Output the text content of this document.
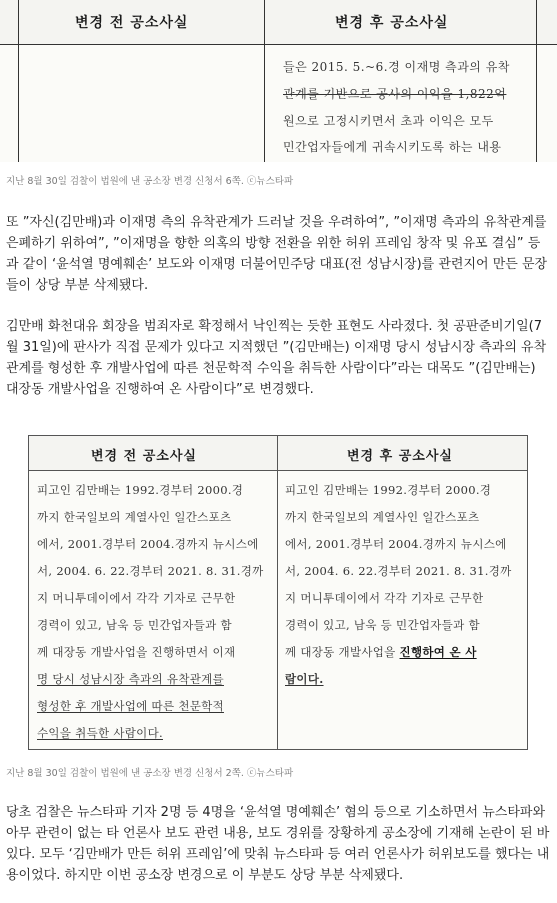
변경 전 공소사실	변경 후 공소사실
들은 2015. 5.~6.경 이재명 측과의 유착
관계를 기반으로 공사의 이익을 1,822억
원으로 고정시키면서 초과 이익은 모두
민간업자들에게 귀속시키도록 하는 내용
지난 8월 30일 검찰이 법원에 낸 공소장 변경 신청서 6쪽. ⓒ뉴스타파

또 ”자신(김만배)과 이재명 측의 유착관계가 드러날 것을 우려하여”, ”이재명 측과의 유착관계를 은폐하기 위하여”, ”이재명을 향한 의혹의 방향 전환을 위한 허위 프레임 창작 및 유포 결심” 등과 같이 ‘윤석열 명예훼손’ 보도와 이재명 더불어민주당 대표(전 성남시장)를 관련지어 만든 문장들이 상당 부분 삭제됐다.

김만배 화천대유 회장을 범죄자로 확정해서 낙인찍는 듯한 표현도 사라졌다. 첫 공판준비기일(7월 31일)에 판사가 직접 문제가 있다고 지적했던 ”(김만배는) 이재명 당시 성남시장 측과의 유착관계를 형성한 후 개발사업에 따른 천문학적 수익을 취득한 사람이다”라는 대목도 ”(김만배는) 대장동 개발사업을 진행하여 온 사람이다”로 변경했다.

변경 전 공소사실	변경 후 공소사실
피고인 김만배는 1992.경부터 2000.경
까지 한국일보의 계열사인 일간스포츠
에서, 2001.경부터 2004.경까지 뉴시스에
서, 2004. 6. 22.경부터 2021. 8. 31.경까
지 머니투데이에서 각각 기자로 근무한
경력이 있고, 남욱 등 민간업자들과 함
께 대장동 개발사업을 진행하면서 이재
명 당시 성남시장 측과의 유착관계를
형성한 후 개발사업에 따른 천문학적
수익을 취득한 사람이다.
피고인 김만배는 1992.경부터 2000.경
까지 한국일보의 계열사인 일간스포츠
에서, 2001.경부터 2004.경까지 뉴시스에
서, 2004. 6. 22.경부터 2021. 8. 31.경까
지 머니투데이에서 각각 기자로 근무한
경력이 있고, 남욱 등 민간업자들과 함
께 대장동 개발사업을 진행하여 온 사
람이다.
지난 8월 30일 검찰이 법원에 낸 공소장 변경 신청서 2쪽. ⓒ뉴스타파

당초 검찰은 뉴스타파 기자 2명 등 4명을 ‘윤석열 명예훼손’ 혐의 등으로 기소하면서 뉴스타파와 아무 관련이 없는 타 언론사 보도 관련 내용, 보도 경위를 장황하게 공소장에 기재해 논란이 된 바 있다. 모두 ‘김만배가 만든 허위 프레임’에 맞춰 뉴스타파 등 여러 언론사가 허위보도를 했다는 내용이었다. 하지만 이번 공소장 변경으로 이 부분도 상당 부분 삭제됐다.
